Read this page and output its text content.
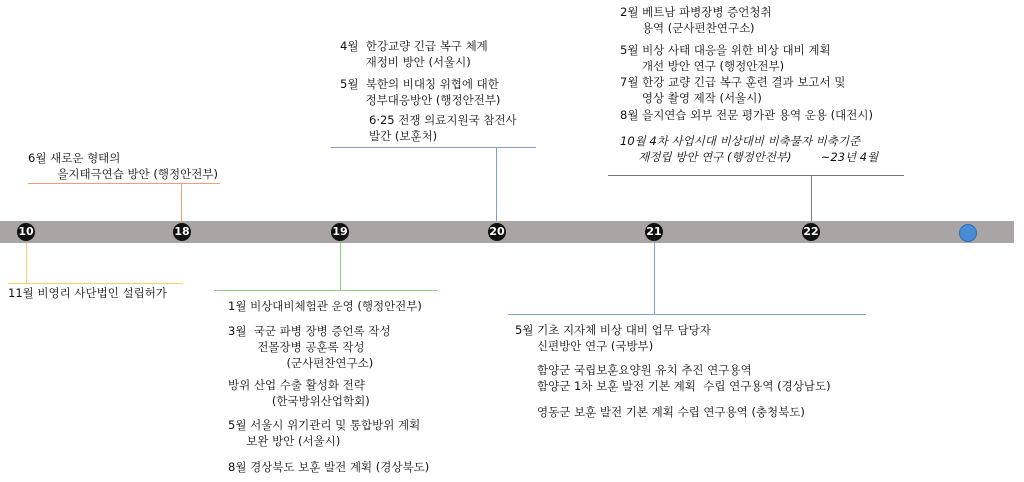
10	18	19	20	21	22
11월 비영리 사단법인 설립허가
6월 새로운 형태의
을지태극연습 방안 (행정안전부)
1월 비상대비체험관 운영 (행정안전부)
3월  국군 파병 장병 증언록 작성
전몰장병 공훈록 작성
(군사편찬연구소)
방위 산업 수출 활성화 전략
(한국방위산업학회)
5월 서울시 위기관리 및 통합방위 계획
보완 방안 (서울시)
8월 경상북도 보훈 발전 계획 (경상북도)
4월  한강교량 긴급 복구 체계
재정비 방안 (서울시)
5월  북한의 비대칭 위협에 대한
정부대응방안 (행정안전부)
6·25 전쟁 의료지원국 참전사
발간 (보훈처)
5월 기초 지자체 비상 대비 업무 담당자
신편방안 연구 (국방부)
함양군 국립보훈요양원 유치 추진 연구용역
함양군 1차 보훈 발전 기본 계획  수립 연구용역 (경상남도)
영동군 보훈 발전 기본 계획 수립 연구용역 (충청북도)
2월 베트남 파병장병 증언청취
용역 (군사편찬연구소)
5월 비상 사태 대응을 위한 비상 대비 계획
개선 방안 연구 (행정안전부)
7월 한강 교량 긴급 복구 훈련 결과 보고서 및
영상 촬영 제작 (서울시)
8월 을지연습 외부 전문 평가관 용역 운용 (대전시)
10월 4차 사업시대 비상대비 비축물자 비축기준
재정립 방안 연구 (행정안전부)        ~23년 4월
